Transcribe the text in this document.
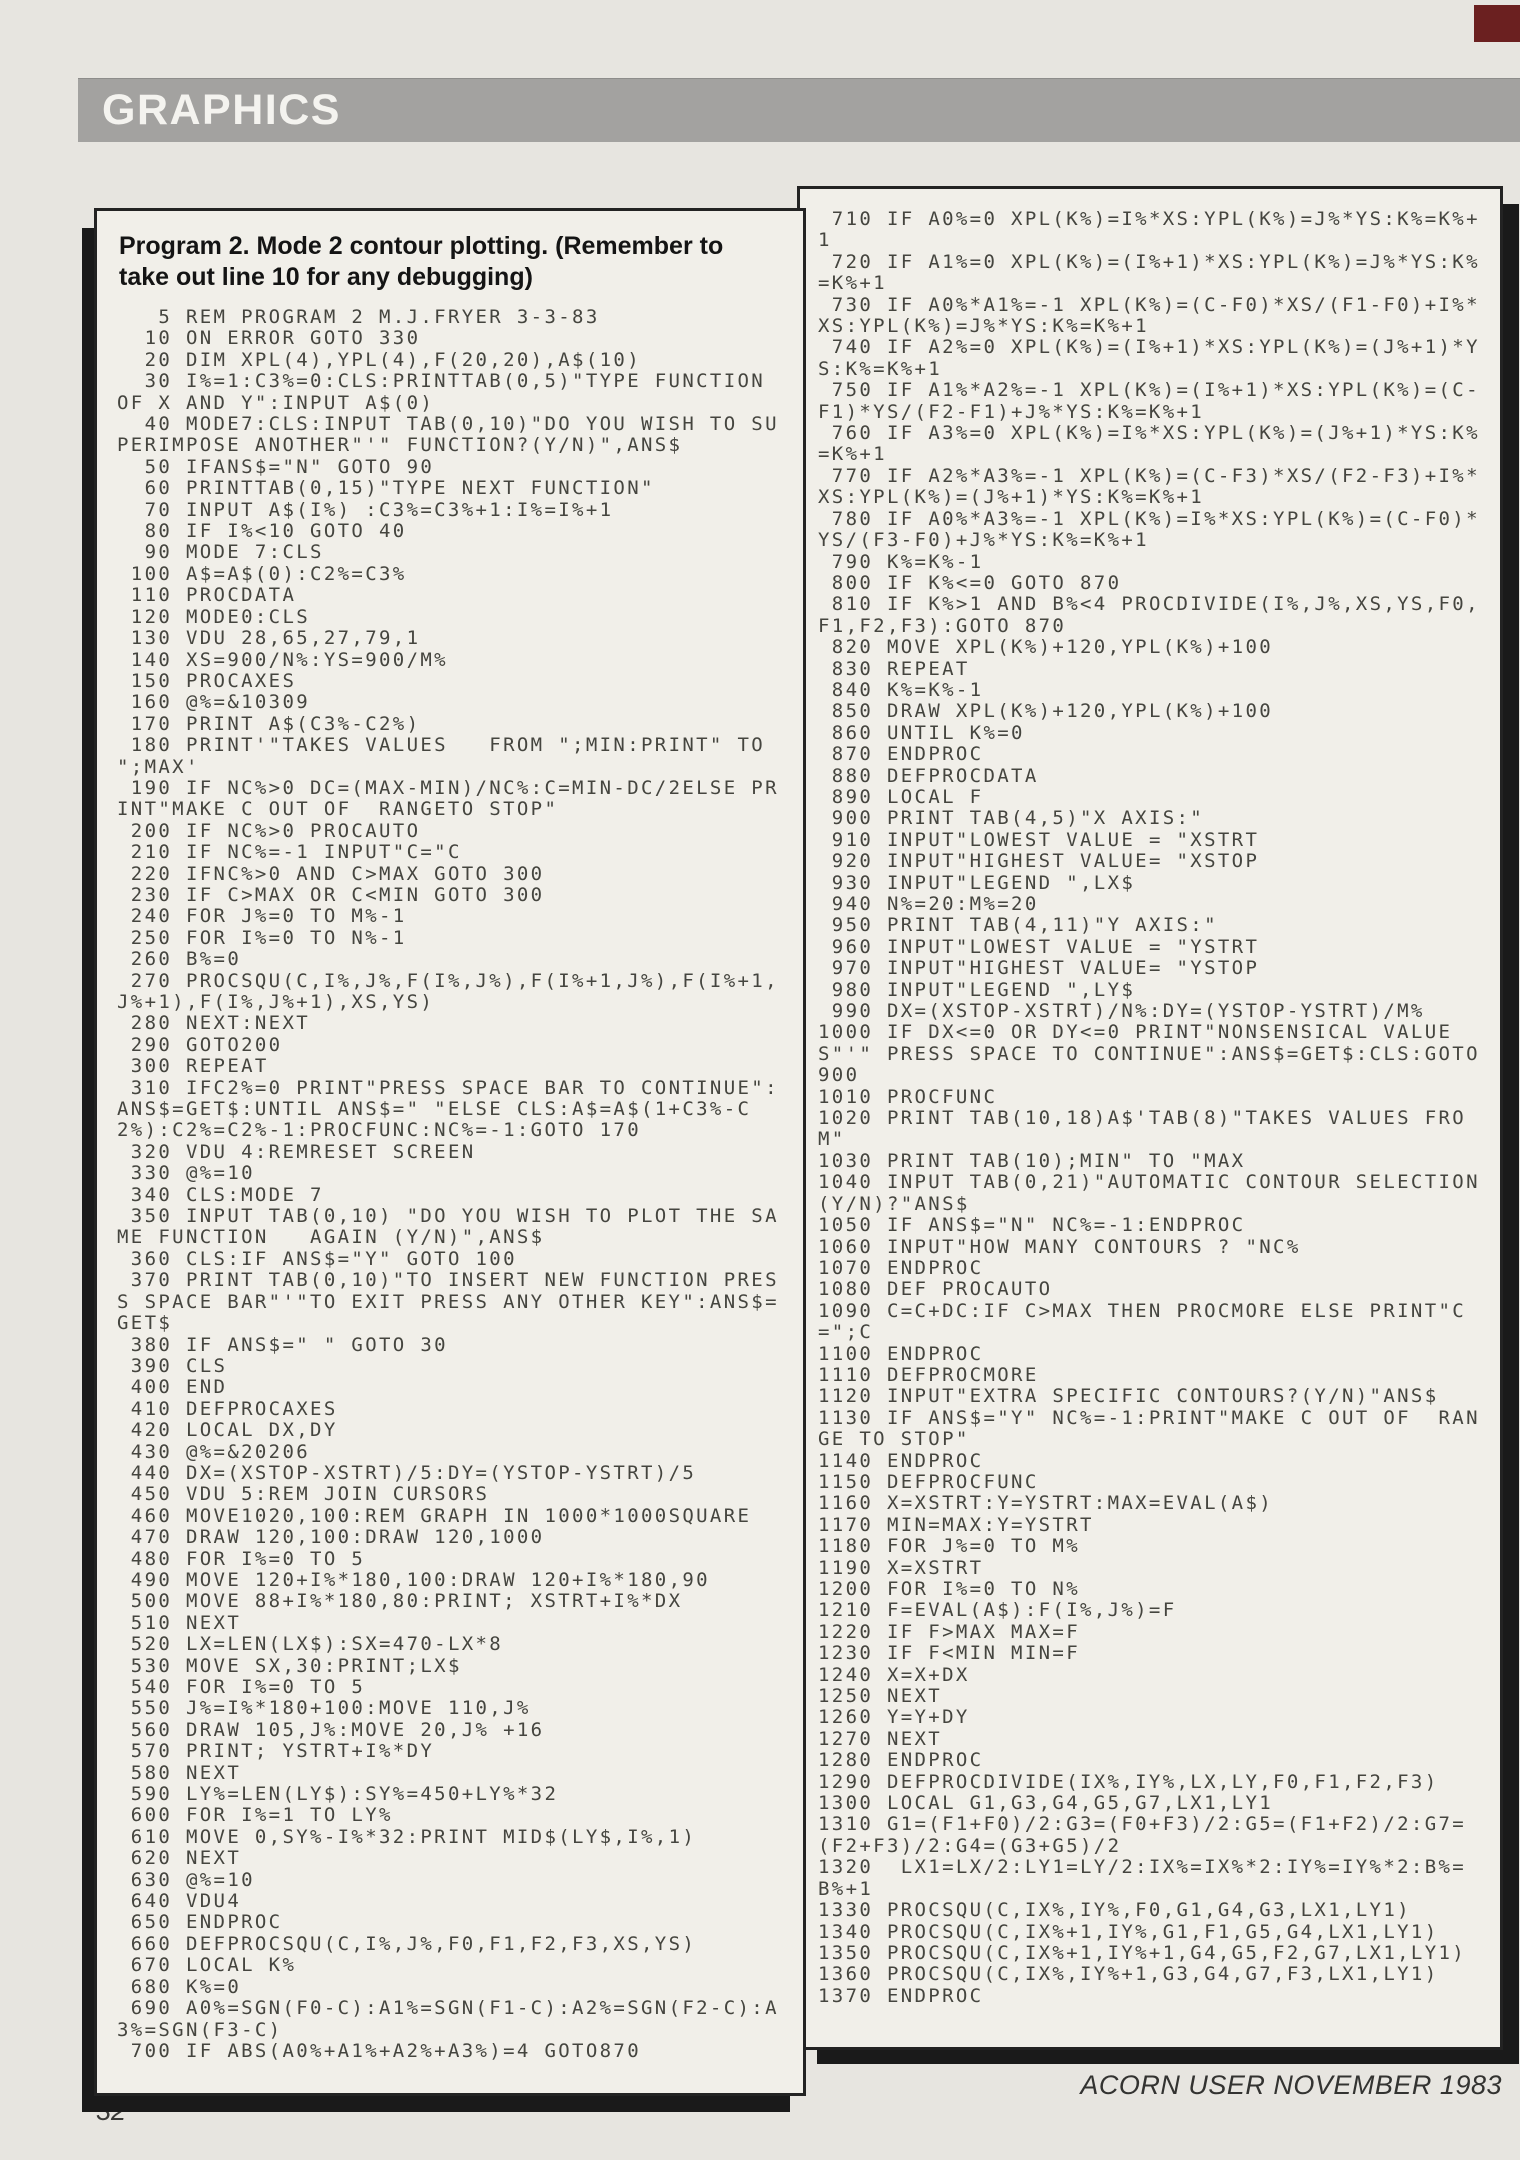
GRAPHICS
Program 2. Mode 2 contour plotting. (Remember to take out line 10 for any debugging)
5 REM PROGRAM 2 M.J.FRYER 3-3-83
10 ON ERROR GOTO 330
20 DIM XPL(4),YPL(4),F(20,20),A$(10)
30 I%=1:C3%=0:CLS:PRINTTAB(0,5)"TYPE FUNCTION OF X AND Y":INPUT A$(0)
40 MODE7:CLS:INPUT TAB(0,10)"DO YOU WISH TO SUPERIMPOSE ANOTHER"'" FUNCTION?(Y/N)",ANS$
50 IFANS$="N" GOTO 90
60 PRINTTAB(0,15)"TYPE NEXT FUNCTION"
70 INPUT A$(I%) :C3%=C3%+1:I%=I%+1
80 IF I%<10 GOTO 40
90 MODE 7:CLS
100 A$=A$(0):C2%=C3%
110 PROCDATA
120 MODE0:CLS
130 VDU 28,65,27,79,1
140 XS=900/N%:YS=900/M%
150 PROCAXES
160 @%=&10309
170 PRINT A$(C3%-C2%)
180 PRINT'"TAKES VALUES   FROM ";MIN:PRINT" TO ";MAX'
190 IF NC%>0 DC=(MAX-MIN)/NC%:C=MIN-DC/2ELSE PRINT"MAKE C OUT OF  RANGETO STOP"
200 IF NC%>0 PROCAUTO
210 IF NC%=-1 INPUT"C="C
220 IFNC%>0 AND C>MAX GOTO 300
230 IF C>MAX OR C<MIN GOTO 300
240 FOR J%=0 TO M%-1
250 FOR I%=0 TO N%-1
260 B%=0
270 PROCSQU(C,I%,J%,F(I%,J%),F(I%+1,J%),F(I%+1,J%+1),F(I%,J%+1),XS,YS)
280 NEXT:NEXT
290 GOTO200
300 REPEAT
310 IFC2%=0 PRINT"PRESS SPACE BAR TO CONTINUE":ANS$=GET$:UNTIL ANS$=" "ELSE CLS:A$=A$(1+C3%-C2%):C2%=C2%-1:PROCFUNC:NC%=-1:GOTO 170
320 VDU 4:REMRESET SCREEN
330 @%=10
340 CLS:MODE 7
350 INPUT TAB(0,10) "DO YOU WISH TO PLOT THE SAME FUNCTION   AGAIN (Y/N)",ANS$
360 CLS:IF ANS$="Y" GOTO 100
370 PRINT TAB(0,10)"TO INSERT NEW FUNCTION PRESS SPACE BAR"'"TO EXIT PRESS ANY OTHER KEY":ANS$=GET$
380 IF ANS$=" " GOTO 30
390 CLS
400 END
410 DEFPROCAXES
420 LOCAL DX,DY
430 @%=&20206
440 DX=(XSTOP-XSTRT)/5:DY=(YSTOP-YSTRT)/5
450 VDU 5:REM JOIN CURSORS
460 MOVE1020,100:REM GRAPH IN 1000*1000SQUARE
470 DRAW 120,100:DRAW 120,1000
480 FOR I%=0 TO 5
490 MOVE 120+I%*180,100:DRAW 120+I%*180,90
500 MOVE 88+I%*180,80:PRINT; XSTRT+I%*DX
510 NEXT
520 LX=LEN(LX$):SX=470-LX*8
530 MOVE SX,30:PRINT;LX$
540 FOR I%=0 TO 5
550 J%=I%*180+100:MOVE 110,J%
560 DRAW 105,J%:MOVE 20,J% +16
570 PRINT; YSTRT+I%*DY
580 NEXT
590 LY%=LEN(LY$):SY%=450+LY%*32
600 FOR I%=1 TO LY%
610 MOVE 0,SY%-I%*32:PRINT MID$(LY$,I%,1)
620 NEXT
630 @%=10
640 VDU4
650 ENDPROC
660 DEFPROCSQU(C,I%,J%,F0,F1,F2,F3,XS,YS)
670 LOCAL K%
680 K%=0
690 A0%=SGN(F0-C):A1%=SGN(F1-C):A2%=SGN(F2-C):A3%=SGN(F3-C)
700 IF ABS(A0%+A1%+A2%+A3%)=4 GOTO870
710 IF A0%=0 XPL(K%)=I%*XS:YPL(K%)=J%*YS:K%=K%+1
720 IF A1%=0 XPL(K%)=(I%+1)*XS:YPL(K%)=J%*YS:K%=K%+1
730 IF A0%*A1%=-1 XPL(K%)=(C-F0)*XS/(F1-F0)+I%*XS:YPL(K%)=J%*YS:K%=K%+1
740 IF A2%=0 XPL(K%)=(I%+1)*XS:YPL(K%)=(J%+1)*YS:K%=K%+1
750 IF A1%*A2%=-1 XPL(K%)=(I%+1)*XS:YPL(K%)=(C-F1)*YS/(F2-F1)+J%*YS:K%=K%+1
760 IF A3%=0 XPL(K%)=I%*XS:YPL(K%)=(J%+1)*YS:K%=K%+1
770 IF A2%*A3%=-1 XPL(K%)=(C-F3)*XS/(F2-F3)+I%*XS:YPL(K%)=(J%+1)*YS:K%=K%+1
780 IF A0%*A3%=-1 XPL(K%)=I%*XS:YPL(K%)=(C-F0)*YS/(F3-F0)+J%*YS:K%=K%+1
790 K%=K%-1
800 IF K%<=0 GOTO 870
810 IF K%>1 AND B%<4 PROCDIVIDE(I%,J%,XS,YS,F0,F1,F2,F3):GOTO 870
820 MOVE XPL(K%)+120,YPL(K%)+100
830 REPEAT
840 K%=K%-1
850 DRAW XPL(K%)+120,YPL(K%)+100
860 UNTIL K%=0
870 ENDPROC
880 DEFPROCDATA
890 LOCAL F
900 PRINT TAB(4,5)"X AXIS:"
910 INPUT"LOWEST VALUE = "XSTRT
920 INPUT"HIGHEST VALUE= "XSTOP
930 INPUT"LEGEND ",LX$
940 N%=20:M%=20
950 PRINT TAB(4,11)"Y AXIS:"
960 INPUT"LOWEST VALUE = "YSTRT
970 INPUT"HIGHEST VALUE= "YSTOP
980 INPUT"LEGEND ",LY$
990 DX=(XSTOP-XSTRT)/N%:DY=(YSTOP-YSTRT)/M%
1000 IF DX<=0 OR DY<=0 PRINT"NONSENSICAL VALUES"'" PRESS SPACE TO CONTINUE":ANS$=GET$:CLS:GOTO900
1010 PROCFUNC
1020 PRINT TAB(10,18)A$'TAB(8)"TAKES VALUES FROM"
1030 PRINT TAB(10);MIN" TO "MAX
1040 INPUT TAB(0,21)"AUTOMATIC CONTOUR SELECTION(Y/N)?"ANS$
1050 IF ANS$="N" NC%=-1:ENDPROC
1060 INPUT"HOW MANY CONTOURS ? "NC%
1070 ENDPROC
1080 DEF PROCAUTO
1090 C=C+DC:IF C>MAX THEN PROCMORE ELSE PRINT"C=";C
1100 ENDPROC
1110 DEFPROCMORE
1120 INPUT"EXTRA SPECIFIC CONTOURS?(Y/N)"ANS$
1130 IF ANS$="Y" NC%=-1:PRINT"MAKE C OUT OF  RANGE TO STOP"
1140 ENDPROC
1150 DEFPROCFUNC
1160 X=XSTRT:Y=YSTRT:MAX=EVAL(A$)
1170 MIN=MAX:Y=YSTRT
1180 FOR J%=0 TO M%
1190 X=XSTRT
1200 FOR I%=0 TO N%
1210 F=EVAL(A$):F(I%,J%)=F
1220 IF F>MAX MAX=F
1230 IF F<MIN MIN=F
1240 X=X+DX
1250 NEXT
1260 Y=Y+DY
1270 NEXT
1280 ENDPROC
1290 DEFPROCDIVIDE(IX%,IY%,LX,LY,F0,F1,F2,F3)
1300 LOCAL G1,G3,G4,G5,G7,LX1,LY1
1310 G1=(F1+F0)/2:G3=(F0+F3)/2:G5=(F1+F2)/2:G7=(F2+F3)/2:G4=(G3+G5)/2
1320  LX1=LX/2:LY1=LY/2:IX%=IX%*2:IY%=IY%*2:B%=B%+1
1330 PROCSQU(C,IX%,IY%,F0,G1,G4,G3,LX1,LY1)
1340 PROCSQU(C,IX%+1,IY%,G1,F1,G5,G4,LX1,LY1)
1350 PROCSQU(C,IX%+1,IY%+1,G4,G5,F2,G7,LX1,LY1)
1360 PROCSQU(C,IX%,IY%+1,G3,G4,G7,F3,LX1,LY1)
1370 ENDPROC
32
ACORN USER NOVEMBER 1983
